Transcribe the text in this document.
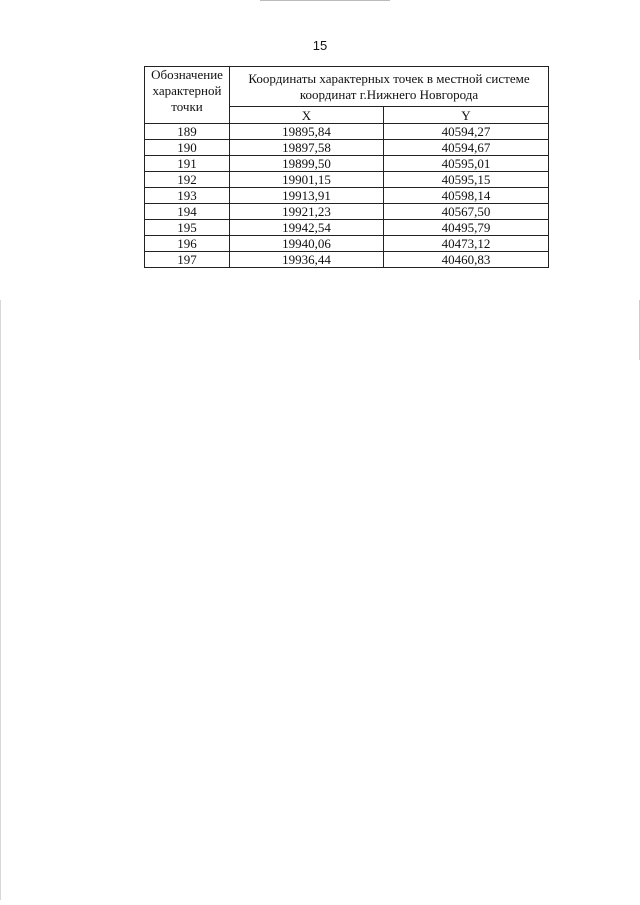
15
Обозначение
характерной
точки	Координаты характерных точек в местной системе
координат г.Нижнего Новгорода	
	X	Y
189	19895,84	40594,27
190	19897,58	40594,67
191	19899,50	40595,01
192	19901,15	40595,15
193	19913,91	40598,14
194	19921,23	40567,50
195	19942,54	40495,79
196	19940,06	40473,12
197	19936,44	40460,83
